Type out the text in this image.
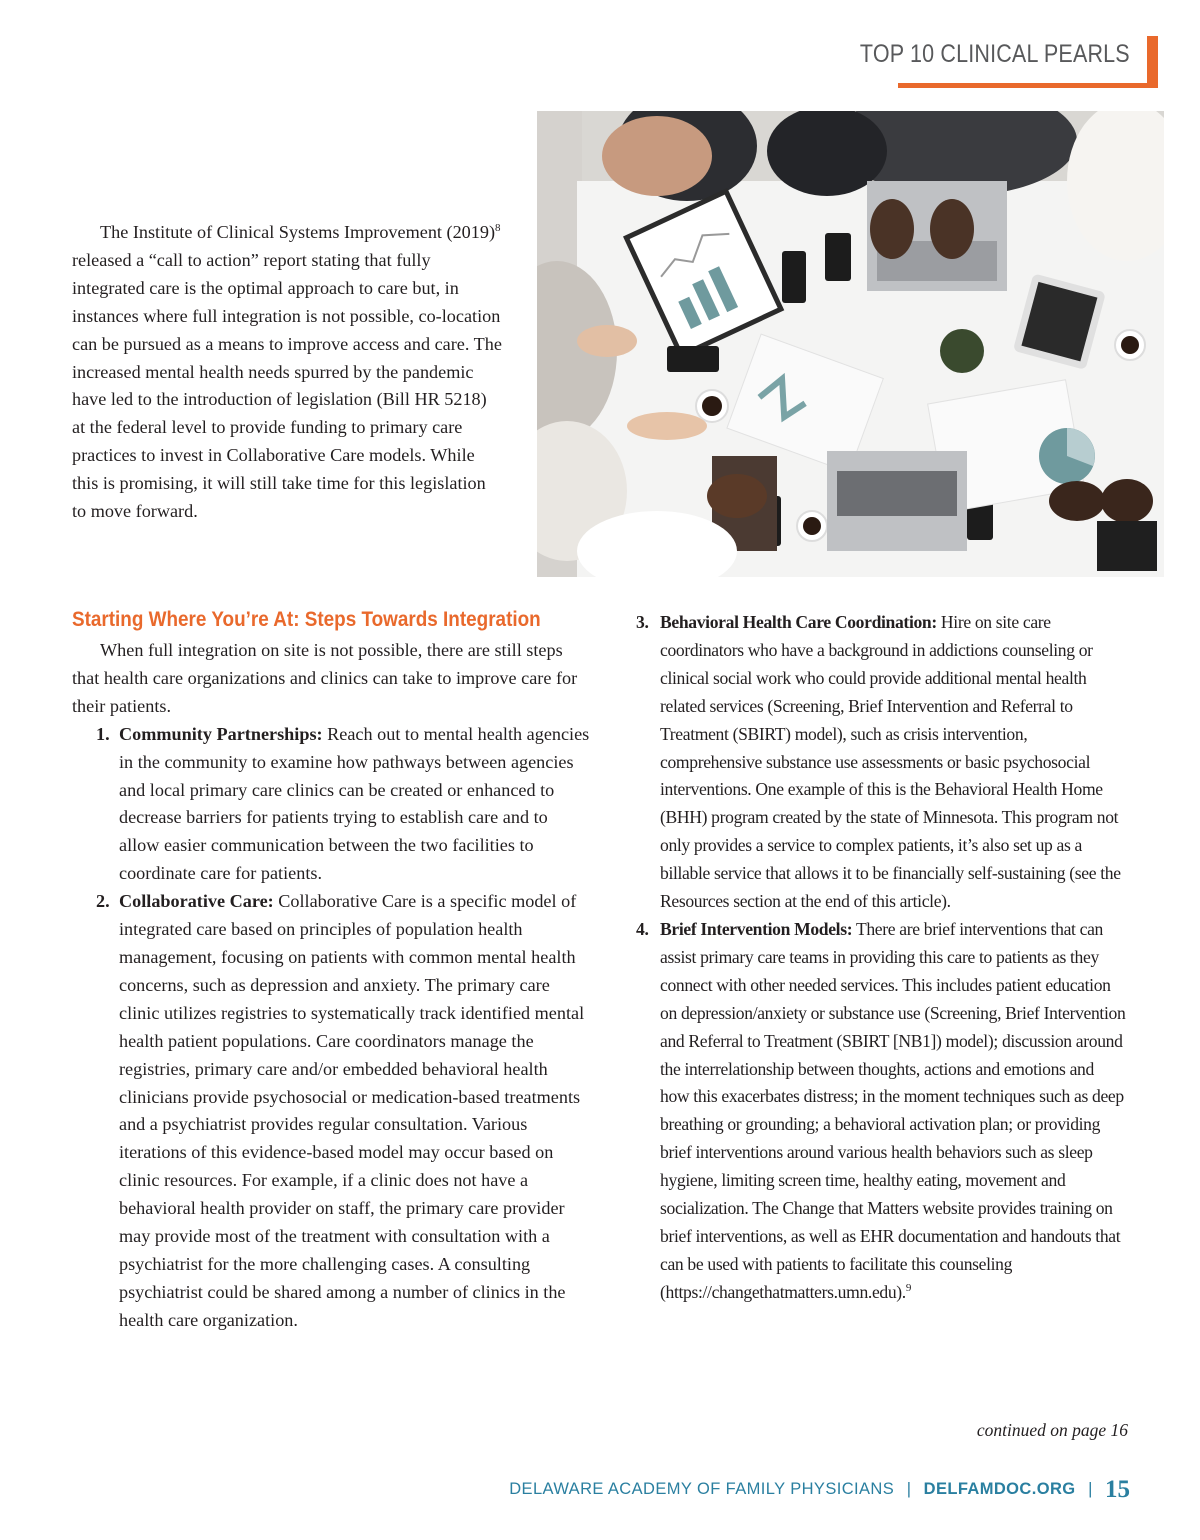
TOP 10 CLINICAL PEARLS

The Institute of Clinical Systems Improvement $(2019)^8$ released a “call to action” report stating that fully integrated care is the optimal approach to care but, in instances where full integration is not possible, co-location can be pursued as a means to improve access and care. The increased mental health needs spurred by the pandemic have led to the introduction of legislation (Bill HR 5218) at the federal level to provide funding to primary care practices to invest in Collaborative Care models. While this is promising, it will still take time for this legislation to move forward.

Starting Where You’re At: Steps Towards Integration

When full integration on site is not possible, there are still steps that health care organizations and clinics can take to improve care for their patients.

1. Community Partnerships: Reach out to mental health agencies in the community to examine how pathways between agencies and local primary care clinics can be created or enhanced to decrease barriers for patients trying to establish care and to allow easier communication between the two facilities to coordinate care for patients.
2. Collaborative Care: Collaborative Care is a specific model of integrated care based on principles of population health management, focusing on patients with common mental health concerns, such as depression and anxiety. The primary care clinic utilizes registries to systematically track identified mental health patient populations. Care coordinators manage the registries, primary care and/or embedded behavioral health clinicians provide psychosocial or medication-based treatments and a psychiatrist provides regular consultation. Various iterations of this evidence-based model may occur based on clinic resources. For example, if a clinic does not have a behavioral health provider on staff, the primary care provider may provide most of the treatment with consultation with a psychiatrist for the more challenging cases. A consulting psychiatrist could be shared among a number of clinics in the health care organization.
3. Behavioral Health Care Coordination: Hire on site care coordinators who have a background in addictions counseling or clinical social work who could provide additional mental health related services (Screening, Brief Intervention and Referral to Treatment (SBIRT) model), such as crisis intervention, comprehensive substance use assessments or basic psychosocial interventions. One example of this is the Behavioral Health Home (BHH) program created by the state of Minnesota. This program not only provides a service to complex patients, it’s also set up as a billable service that allows it to be financially self-sustaining (see the Resources section at the end of this article).
4. Brief Intervention Models: There are brief interventions that can assist primary care teams in providing this care to patients as they connect with other needed services. This includes patient education on depression/anxiety or substance use (Screening, Brief Intervention and Referral to Treatment (SBIRT [NB1]) model); discussion around the interrelationship between thoughts, actions and emotions and how this exacerbates distress; in the moment techniques such as deep breathing or grounding; a behavioral activation plan; or providing brief interventions around various health behaviors such as sleep hygiene, limiting screen time, healthy eating, movement and socialization. The Change that Matters website provides training on brief interventions, as well as EHR documentation and handouts that can be used with patients to facilitate this counseling (https://changethatmatters.umn.edu).$^9$
continued on page 16
DELAWARE ACADEMY OF FAMILY PHYSICIANS | DELFAMDOC.ORG | 15
